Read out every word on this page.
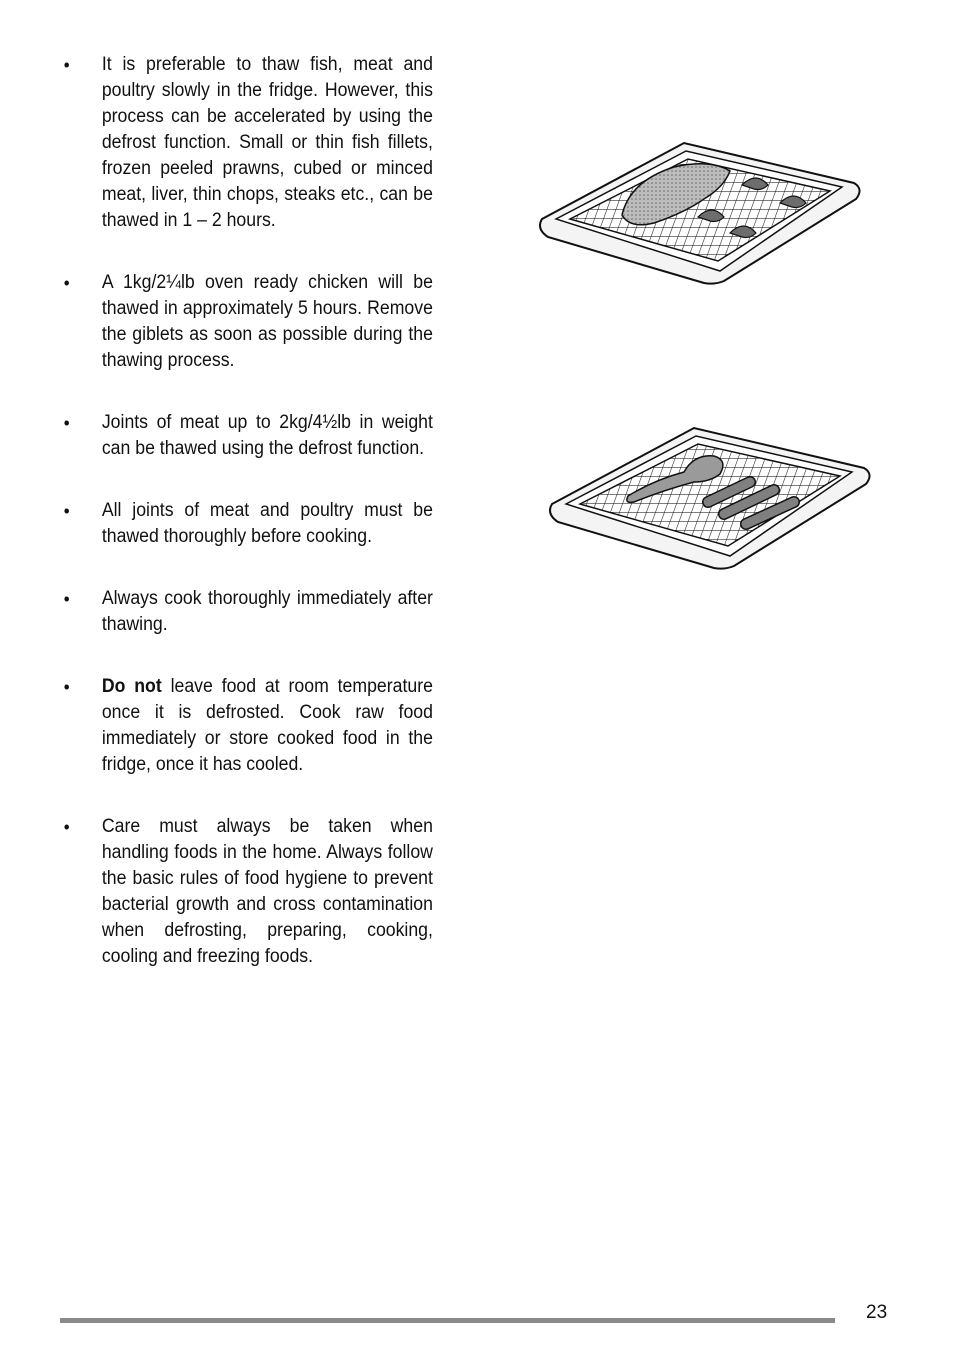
• It is preferable to thaw fish, meat and poultry slowly in the fridge. However, this process can be accelerated by using the defrost function. Small or thin fish fillets, frozen peeled prawns, cubed or minced meat, liver, thin chops, steaks etc., can be thawed in 1 – 2 hours.
• A 1kg/2¼lb oven ready chicken will be thawed in approximately 5 hours. Remove the giblets as soon as possible during the thawing process.
• Joints of meat up to 2kg/4½lb in weight can be thawed using the defrost function.
• All joints of meat and poultry must be thawed thoroughly before cooking.
• Always cook thoroughly immediately after thawing.
• Do not leave food at room temperature once it is defrosted. Cook raw food immediately or store cooked food in the fridge, once it has cooled.
• Care must always be taken when handling foods in the home. Always follow the basic rules of food hygiene to prevent bacterial growth and cross contamination when defrosting, preparing, cooking, cooling and freezing foods.
23
